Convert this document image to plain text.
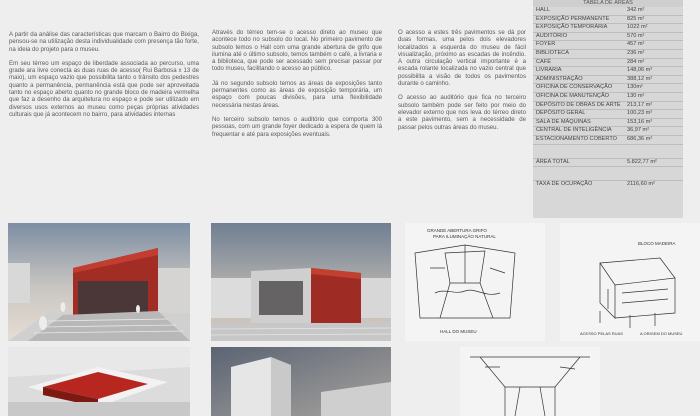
A partir da análise das características que marcam o Bairro do Bixiga, pensou-se na utilização desta individualidade com presença tão forte, na ideia do projeto para o museu.

Em seu térreo um espaço de liberdade associada ao percurso, uma grade ara livre conecta as duas ruas de acesso( Rui Barbosa x 13 de maio), um espaço vazio que possibilita tanto o trânsito dos pedestres quanto a permanência, permanência está que pode ser aproveitada tanto no espaço aberto quanto no grande bloco de madeira vermelha que faz a desenho da arquitetura no espaço e pode ser utilizado em diversos usos externos ao museu como peças próprias atividades culturais que já acontecem no bairro, para atividades internas

Através do térreo tem-se o acesso direto ao museu que acontece todo no subsolo do local. No primeiro pavimento de subsolo temos o Hall com uma grande abertura de grifo que ilumina até o último subsolo, temos também o café, a livraria e a biblioteca, que pode ser acessado sem precisar passar por todo museu, facilitando o acesso ao público.

Já no segundo subsolo temos as áreas de exposições tanto permanentes como as áreas de exposição temporária, um espaço com poucas divisões, para uma flexibilidade necessária nestas áreas.

No terceiro subsolo temos o auditório que comporta 300 pessoas, com um grande foyer dedicado a espera de quem lá frequentar e até para exposições eventuais.

O acesso a estes três pavimentos se dá por duas formas, uma pelos dois elevadores localizados a esquerda do museu de fácil visualização, próximo as escadas de incêndio. A outra circulação vertical importante é a escada rolante localizada no vazio central que possibilita a visão de todos os pavimentos durante o caminho.

O acesso ao auditório que fica no terceiro subsolo também pode ser feito por meio do elevador externo que nos leva do térreo direto a este pavimento, sem a necessidade de passar pelos outras áreas do museu.

TABELA DE ÁREAS
HALL	342 m²
EXPOSIÇÃO PERMANENTE	825 m²
EXPOSIÇÃO TEMPORÁRIA	1022 m²
AUDITÓRIO	570 m²
FOYER	457 m²
BIBLIOTECA	236 m²
CAFÉ	284 m²
LIVRARIA	148,06 m²
ADMINISTRAÇÃO	388,12 m²
OFICINA DE CONSERVAÇÃO	130m²
OFICINA DE MANUTENÇÃO	130 m²
DEPÓSITO DE OBRAS DE ARTE 213,17 m²
DEPÓSITO GERAL	100,23 m²
SALA DE MÁQUINAS	153,16 m²
CENTRAL DE INTELIGÊNCIA	36,97 m²
ESTACIONAMENTO COBERTO 686,36 m²
ÁREA TOTAL	5.822,77 m²
TAXA DE OCUPAÇÃO	2116,60 m²
GRANDE ABERTURA GRIFO
PARA ILUMINAÇÃO NATURAL
HALL DO MUSEU
BLOCO MADEIRA
ACESSO PELAS RUAS	A ORIGEM DO MUSEU
